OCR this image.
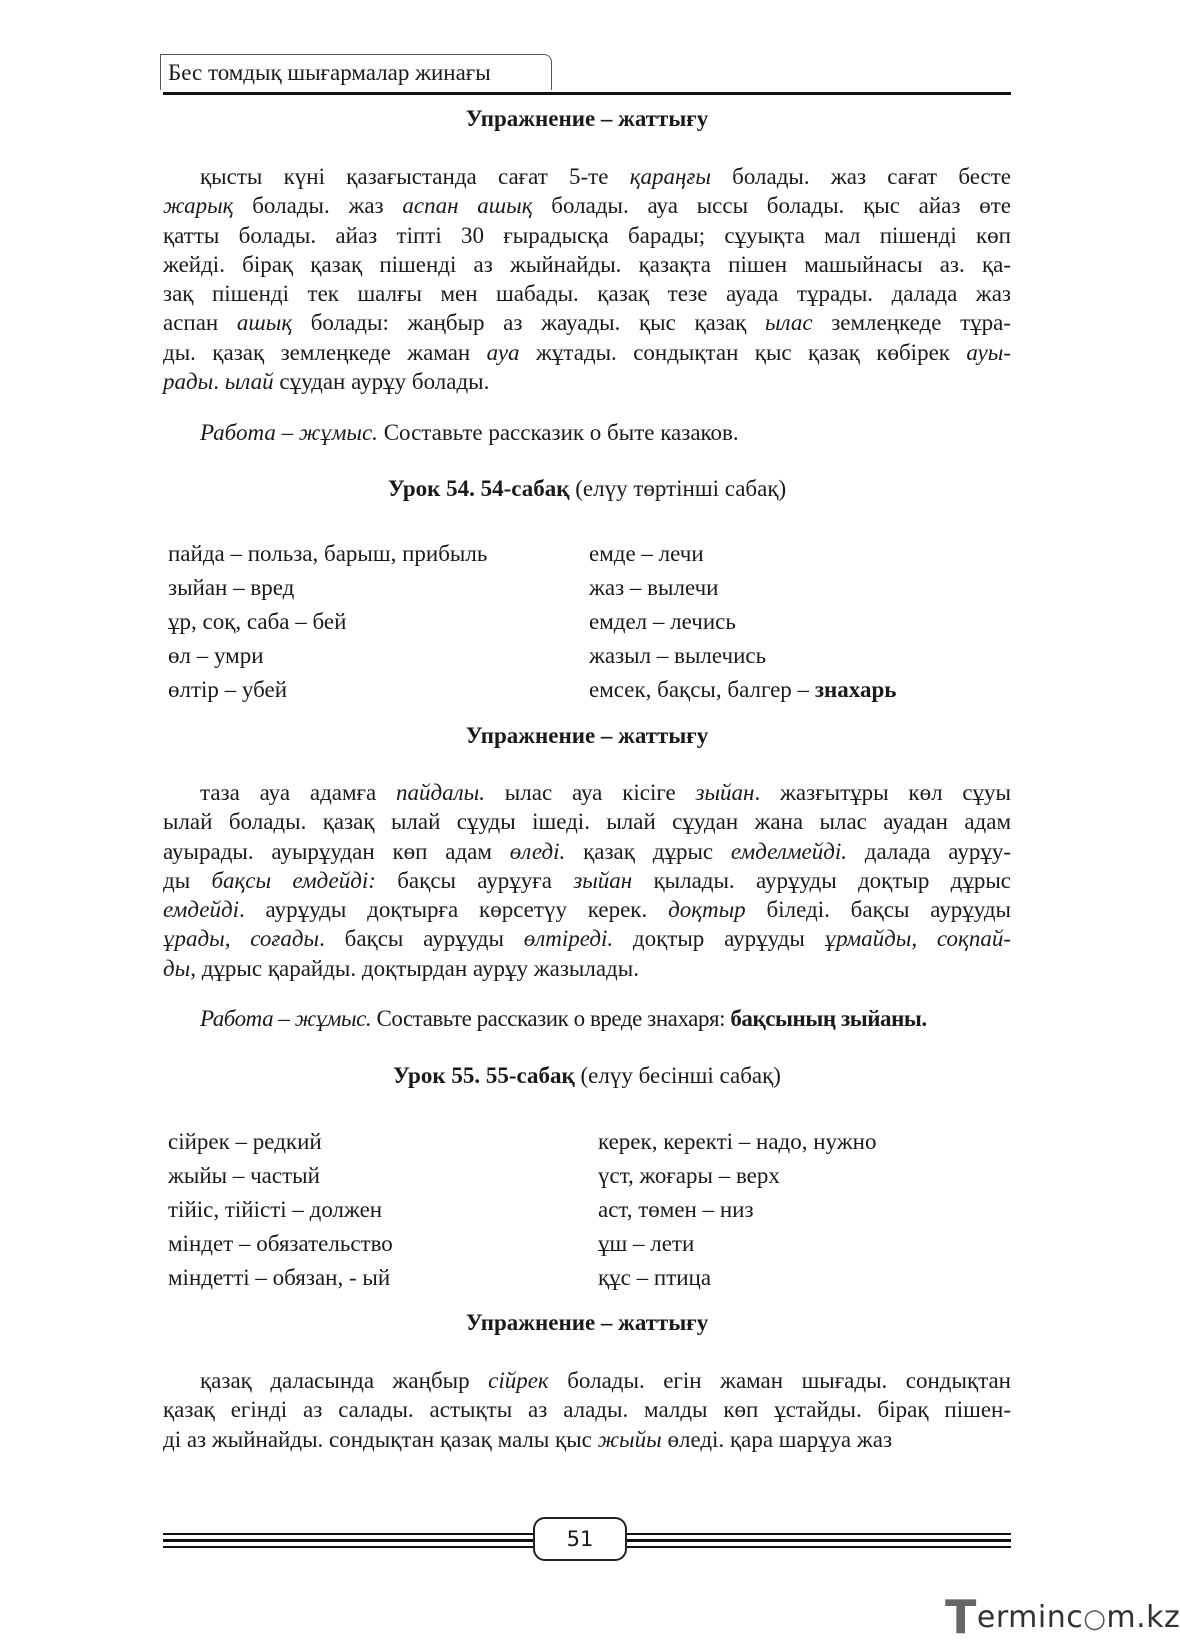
Бес томдық шығармалар жинағы
Упражнение – жаттығу
қысты күні қазағыстанда сағат 5-те қараңғы болады. жаз сағат бесте
жарық болады. жаз аспан ашық болады. ауа ыссы болады. қыс айаз өте
қатты болады. айаз тіпті 30 ғырадысқа барады; сұуықта мал пішенді көп
жейді. бірақ қазақ пішенді аз жыйнайды. қазақта пішен машыйнасы аз. қа-
зақ пішенді тек шалғы мен шабады. қазақ тезе ауада тұрады. далада жаз
аспан ашық болады: жаңбыр аз жауады. қыс қазақ ылас землеңкеде тұра-
ды. қазақ землеңкеде жаман ауа жұтады. сондықтан қыс қазақ көбірек ауы-
рады. ылай сұудан аурұу болады.
Работа – жұмыс. Составьте рассказик о быте казаков.
Урок 54. 54-сабақ (елүу төртінші сабақ)
пайда – польза, барыш, прибыль
зыйан – вред
ұр, соқ, саба – бей
өл – умри
өлтір – убей
емде – лечи
жаз – вылечи
емдел – лечись
жазыл – вылечись
емсек, бақсы, балгер – знахарь
Упражнение – жаттығу
таза ауа адамға пайдалы. ылас ауа кісіге зыйан. жазғытұры көл сұуы
ылай болады. қазақ ылай сұуды ішеді. ылай сұудан жана ылас ауадан адам
ауырады. ауырұудан көп адам өледі. қазақ дұрыс емделмейді. далада аурұу-
ды бақсы емдейді: бақсы аурұуға зыйан қылады. аурұуды доқтыр дұрыс
емдейді. аурұуды доқтырға көрсетүу керек. доқтыр біледі. бақсы аурұуды
ұрады, соғады. бақсы аурұуды өлтіреді. доқтыр аурұуды ұрмайды, соқпай-
ды, дұрыс қарайды. доқтырдан аурұу жазылады.
Работа – жұмыс. Составьте рассказик о вреде знахаря: бақсының зыйаны.
Урок 55. 55-сабақ (елүу бесінші сабақ)
сійрек – редкий
жыйы – частый
тійіс, тійісті – должен
міндет – обязательство
міндетті – обязан, - ый
керек, керекті – надо, нужно
үст, жоғары – верх
аст, төмен – низ
ұш – лети
құс – птица
Упражнение – жаттығу
қазақ даласында жаңбыр сійрек болады. егін жаман шығады. сондықтан
қазақ егінді аз салады. астықты аз алады. малды көп ұстайды. бірақ пішен-
ді аз жыйнайды. сондықтан қазақ малы қыс жыйы өледі. қара шарұуа жаз
51
Terminc○m.kz
